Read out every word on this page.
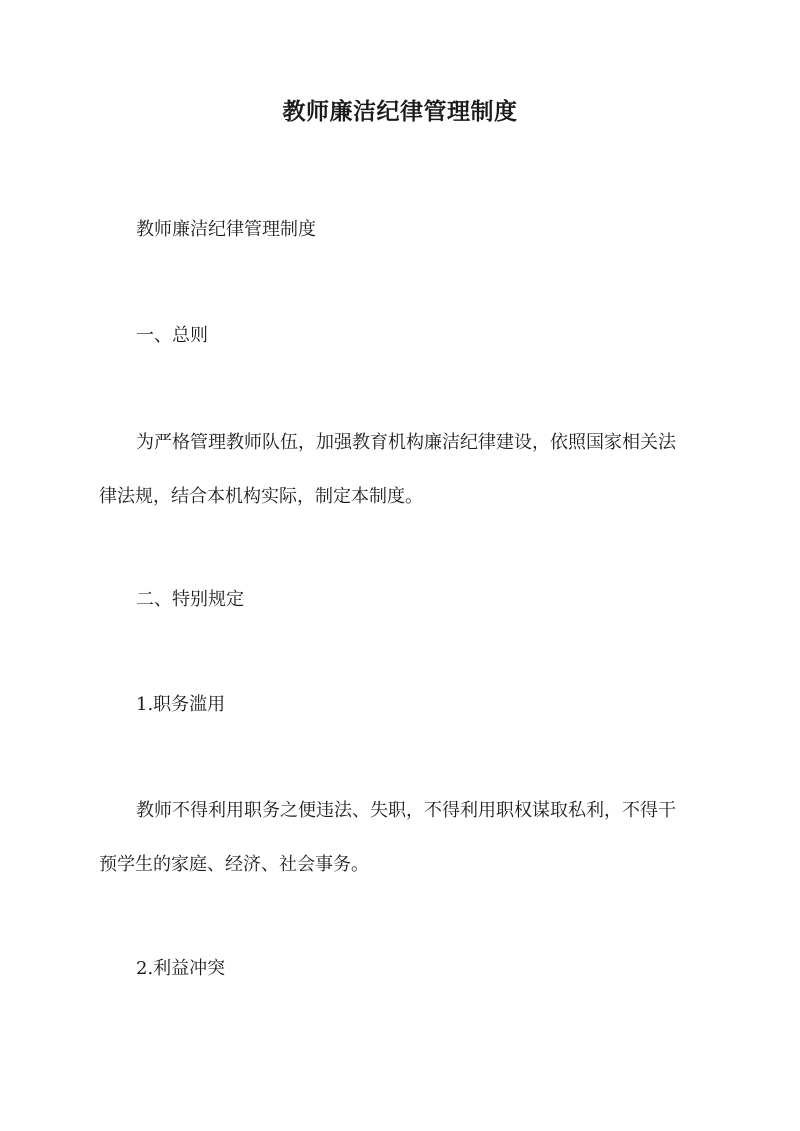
教师廉洁纪律管理制度
教师廉洁纪律管理制度
一、总则
为严格管理教师队伍，加强教育机构廉洁纪律建设，依照国家相关法
律法规，结合本机构实际，制定本制度。
二、特别规定
1.职务滥用
教师不得利用职务之便违法、失职，不得利用职权谋取私利，不得干
预学生的家庭、经济、社会事务。
2.利益冲突
